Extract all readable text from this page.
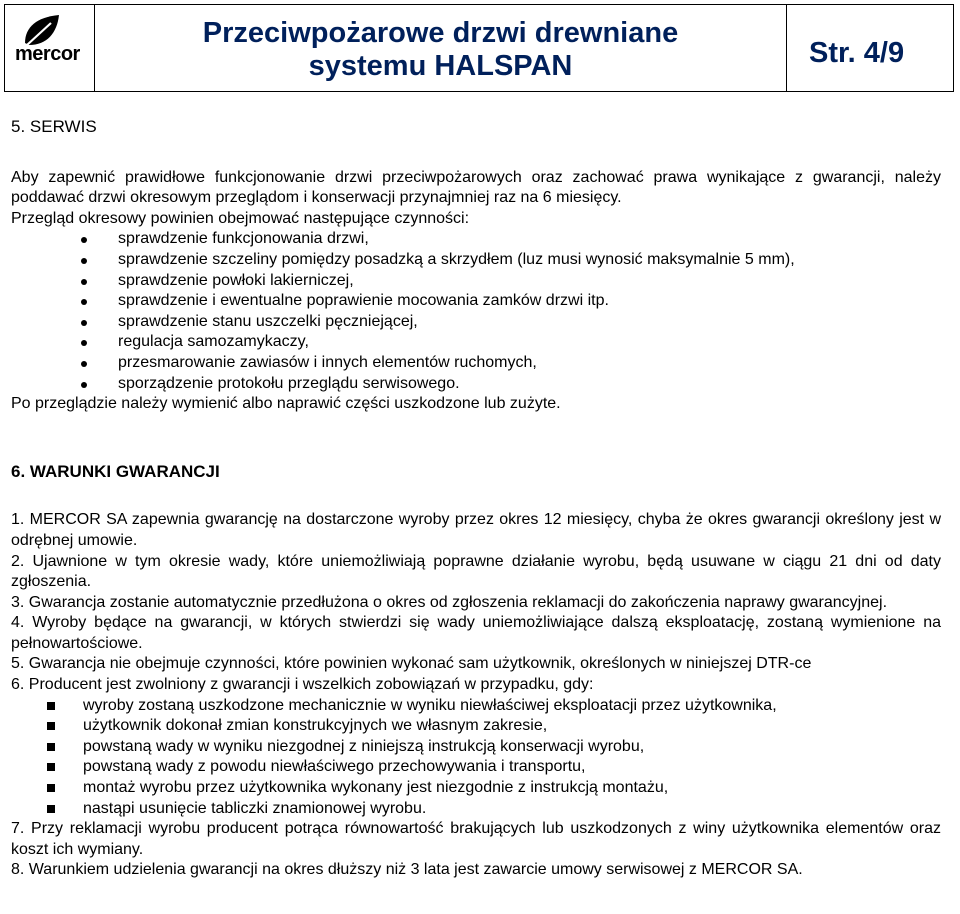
mercor
Przeciwpożarowe drzwi drewniane
systemu HALSPAN	Str. 4/9
5. SERWIS
Aby zapewnić prawidłowe funkcjonowanie drzwi przeciwpożarowych oraz zachować prawa wynikające z gwarancji, należy poddawać drzwi okresowym przeglądom i konserwacji przynajmniej raz na 6 miesięcy.
Przegląd okresowy powinien obejmować następujące czynności:
sprawdzenie funkcjonowania drzwi,
sprawdzenie szczeliny pomiędzy posadzką a skrzydłem (luz musi wynosić maksymalnie 5 mm),
sprawdzenie powłoki lakierniczej,
sprawdzenie i ewentualne poprawienie mocowania zamków drzwi itp.
sprawdzenie stanu uszczelki pęczniejącej,
regulacja samozamykaczy,
przesmarowanie zawiasów i innych elementów ruchomych,
sporządzenie protokołu przeglądu serwisowego.
Po przeglądzie należy wymienić albo naprawić części uszkodzone lub zużyte.
6. WARUNKI GWARANCJI
1. MERCOR SA zapewnia gwarancję na dostarczone wyroby przez okres 12 miesięcy, chyba że okres gwarancji określony jest w odrębnej umowie.
2. Ujawnione w tym okresie wady, które uniemożliwiają poprawne działanie wyrobu, będą usuwane w ciągu 21 dni od daty zgłoszenia.
3. Gwarancja zostanie automatycznie przedłużona o okres od zgłoszenia reklamacji do zakończenia naprawy gwarancyjnej.
4. Wyroby będące na gwarancji, w których stwierdzi się wady uniemożliwiające dalszą eksploatację, zostaną wymienione na pełnowartościowe.
5. Gwarancja nie obejmuje czynności, które powinien wykonać sam użytkownik, określonych w niniejszej DTR-ce
6. Producent jest zwolniony z gwarancji i wszelkich zobowiązań w przypadku, gdy:
wyroby zostaną uszkodzone mechanicznie w wyniku niewłaściwej eksploatacji przez użytkownika,
użytkownik dokonał zmian konstrukcyjnych we własnym zakresie,
powstaną wady w wyniku niezgodnej z niniejszą instrukcją konserwacji wyrobu,
powstaną wady z powodu niewłaściwego przechowywania i transportu,
montaż wyrobu przez użytkownika wykonany jest niezgodnie z instrukcją montażu,
nastąpi usunięcie tabliczki znamionowej wyrobu.
7. Przy reklamacji wyrobu producent potrąca równowartość brakujących lub uszkodzonych z winy użytkownika elementów oraz koszt ich wymiany.
8. Warunkiem udzielenia gwarancji na okres dłuższy niż 3 lata jest zawarcie umowy serwisowej z MERCOR SA.
